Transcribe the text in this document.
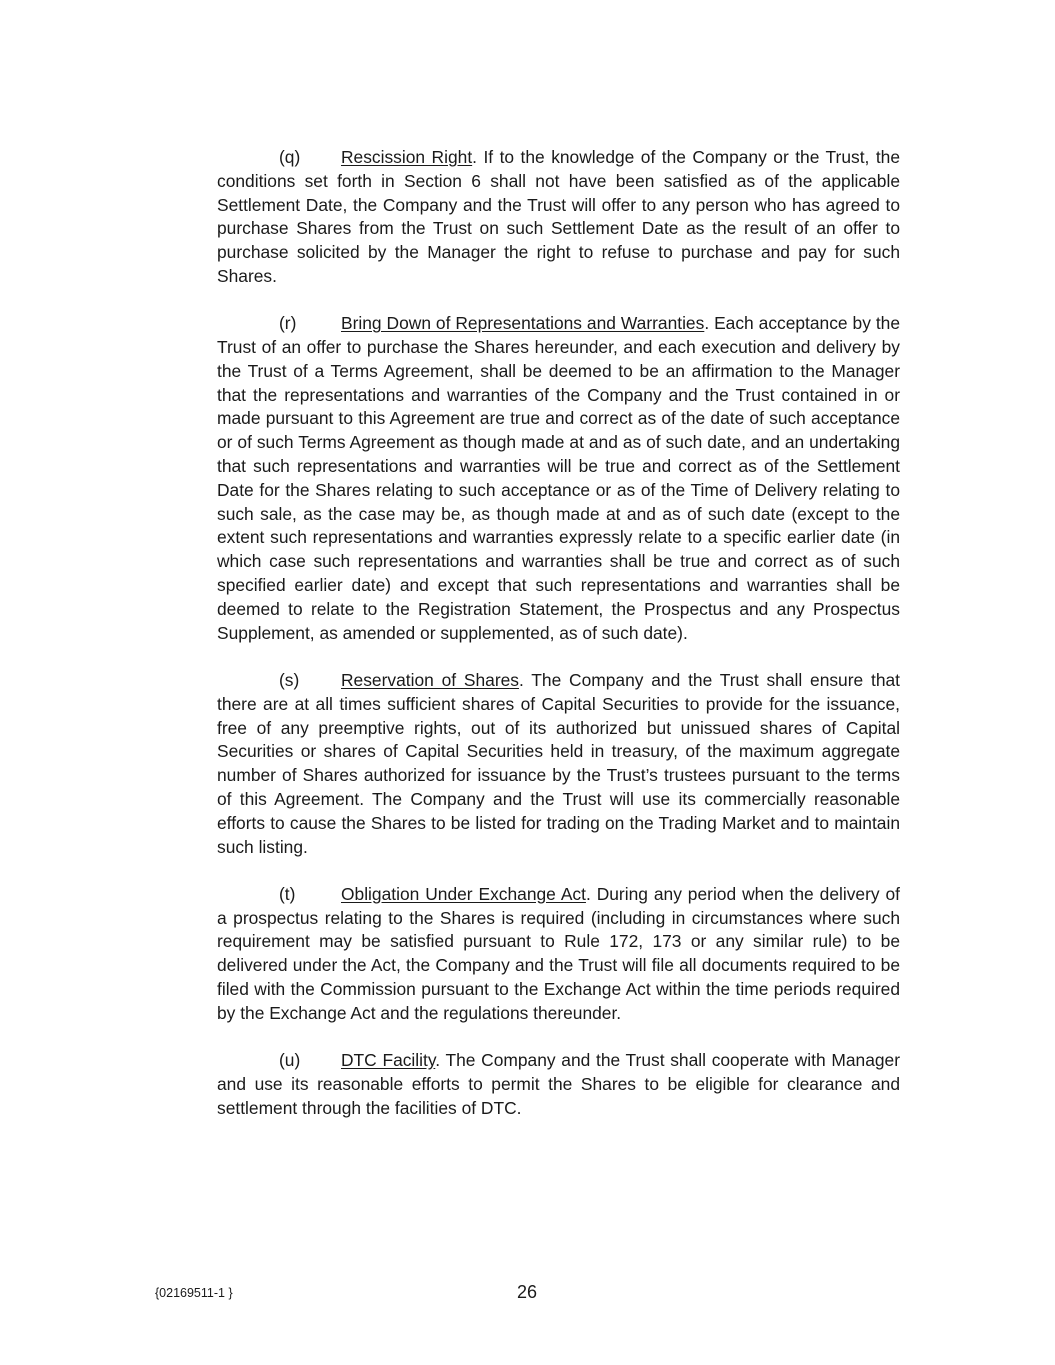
(q) Rescission Right. If to the knowledge of the Company or the Trust, the conditions set forth in Section 6 shall not have been satisfied as of the applicable Settlement Date, the Company and the Trust will offer to any person who has agreed to purchase Shares from the Trust on such Settlement Date as the result of an offer to purchase solicited by the Manager the right to refuse to purchase and pay for such Shares.

(r)	Bring Down of Representations and Warranties. Each acceptance by the Trust of an offer to purchase the Shares hereunder, and each execution and delivery by the Trust of a Terms Agreement, shall be deemed to be an affirmation to the Manager that the representations and warranties of the Company and the Trust contained in or made pursuant to this Agreement are true and correct as of the date of such acceptance or of such Terms Agreement as though made at and as of such date, and an undertaking that such representations and warranties will be true and correct as of the Settlement Date for the Shares relating to such acceptance or as of the Time of Delivery relating to such sale, as the case may be, as though made at and as of such date (except to the extent such representations and warranties expressly relate to a specific earlier date (in which case such representations and warranties shall be true and correct as of such specified earlier date) and except that such representations and warranties shall be deemed to relate to the Registration Statement, the Prospectus and any Prospectus Supplement, as amended or supplemented, as of such date).

(s) Reservation of Shares. The Company and the Trust shall ensure that there are at all times sufficient shares of Capital Securities to provide for the issuance, free of any preemptive rights, out of its authorized but unissued shares of Capital Securities or shares of Capital Securities held in treasury, of the maximum aggregate number of Shares authorized for issuance by the Trust’s trustees pursuant to the terms of this Agreement. The Company and the Trust will use its commercially reasonable efforts to cause the Shares to be listed for trading on the Trading Market and to maintain such listing.

(t)	Obligation Under Exchange Act. During any period when the delivery of a prospectus relating to the Shares is required (including in circumstances where such requirement may be satisfied pursuant to Rule 172, 173 or any similar rule) to be delivered under the Act, the Company and the Trust will file all documents required to be filed with the Commission pursuant to the Exchange Act within the time periods required by the Exchange Act and the regulations thereunder.

(u) DTC Facility. The Company and the Trust shall cooperate with Manager and use its reasonable efforts to permit the Shares to be eligible for clearance and settlement through the facilities of DTC.

{02169511-1 }	26
